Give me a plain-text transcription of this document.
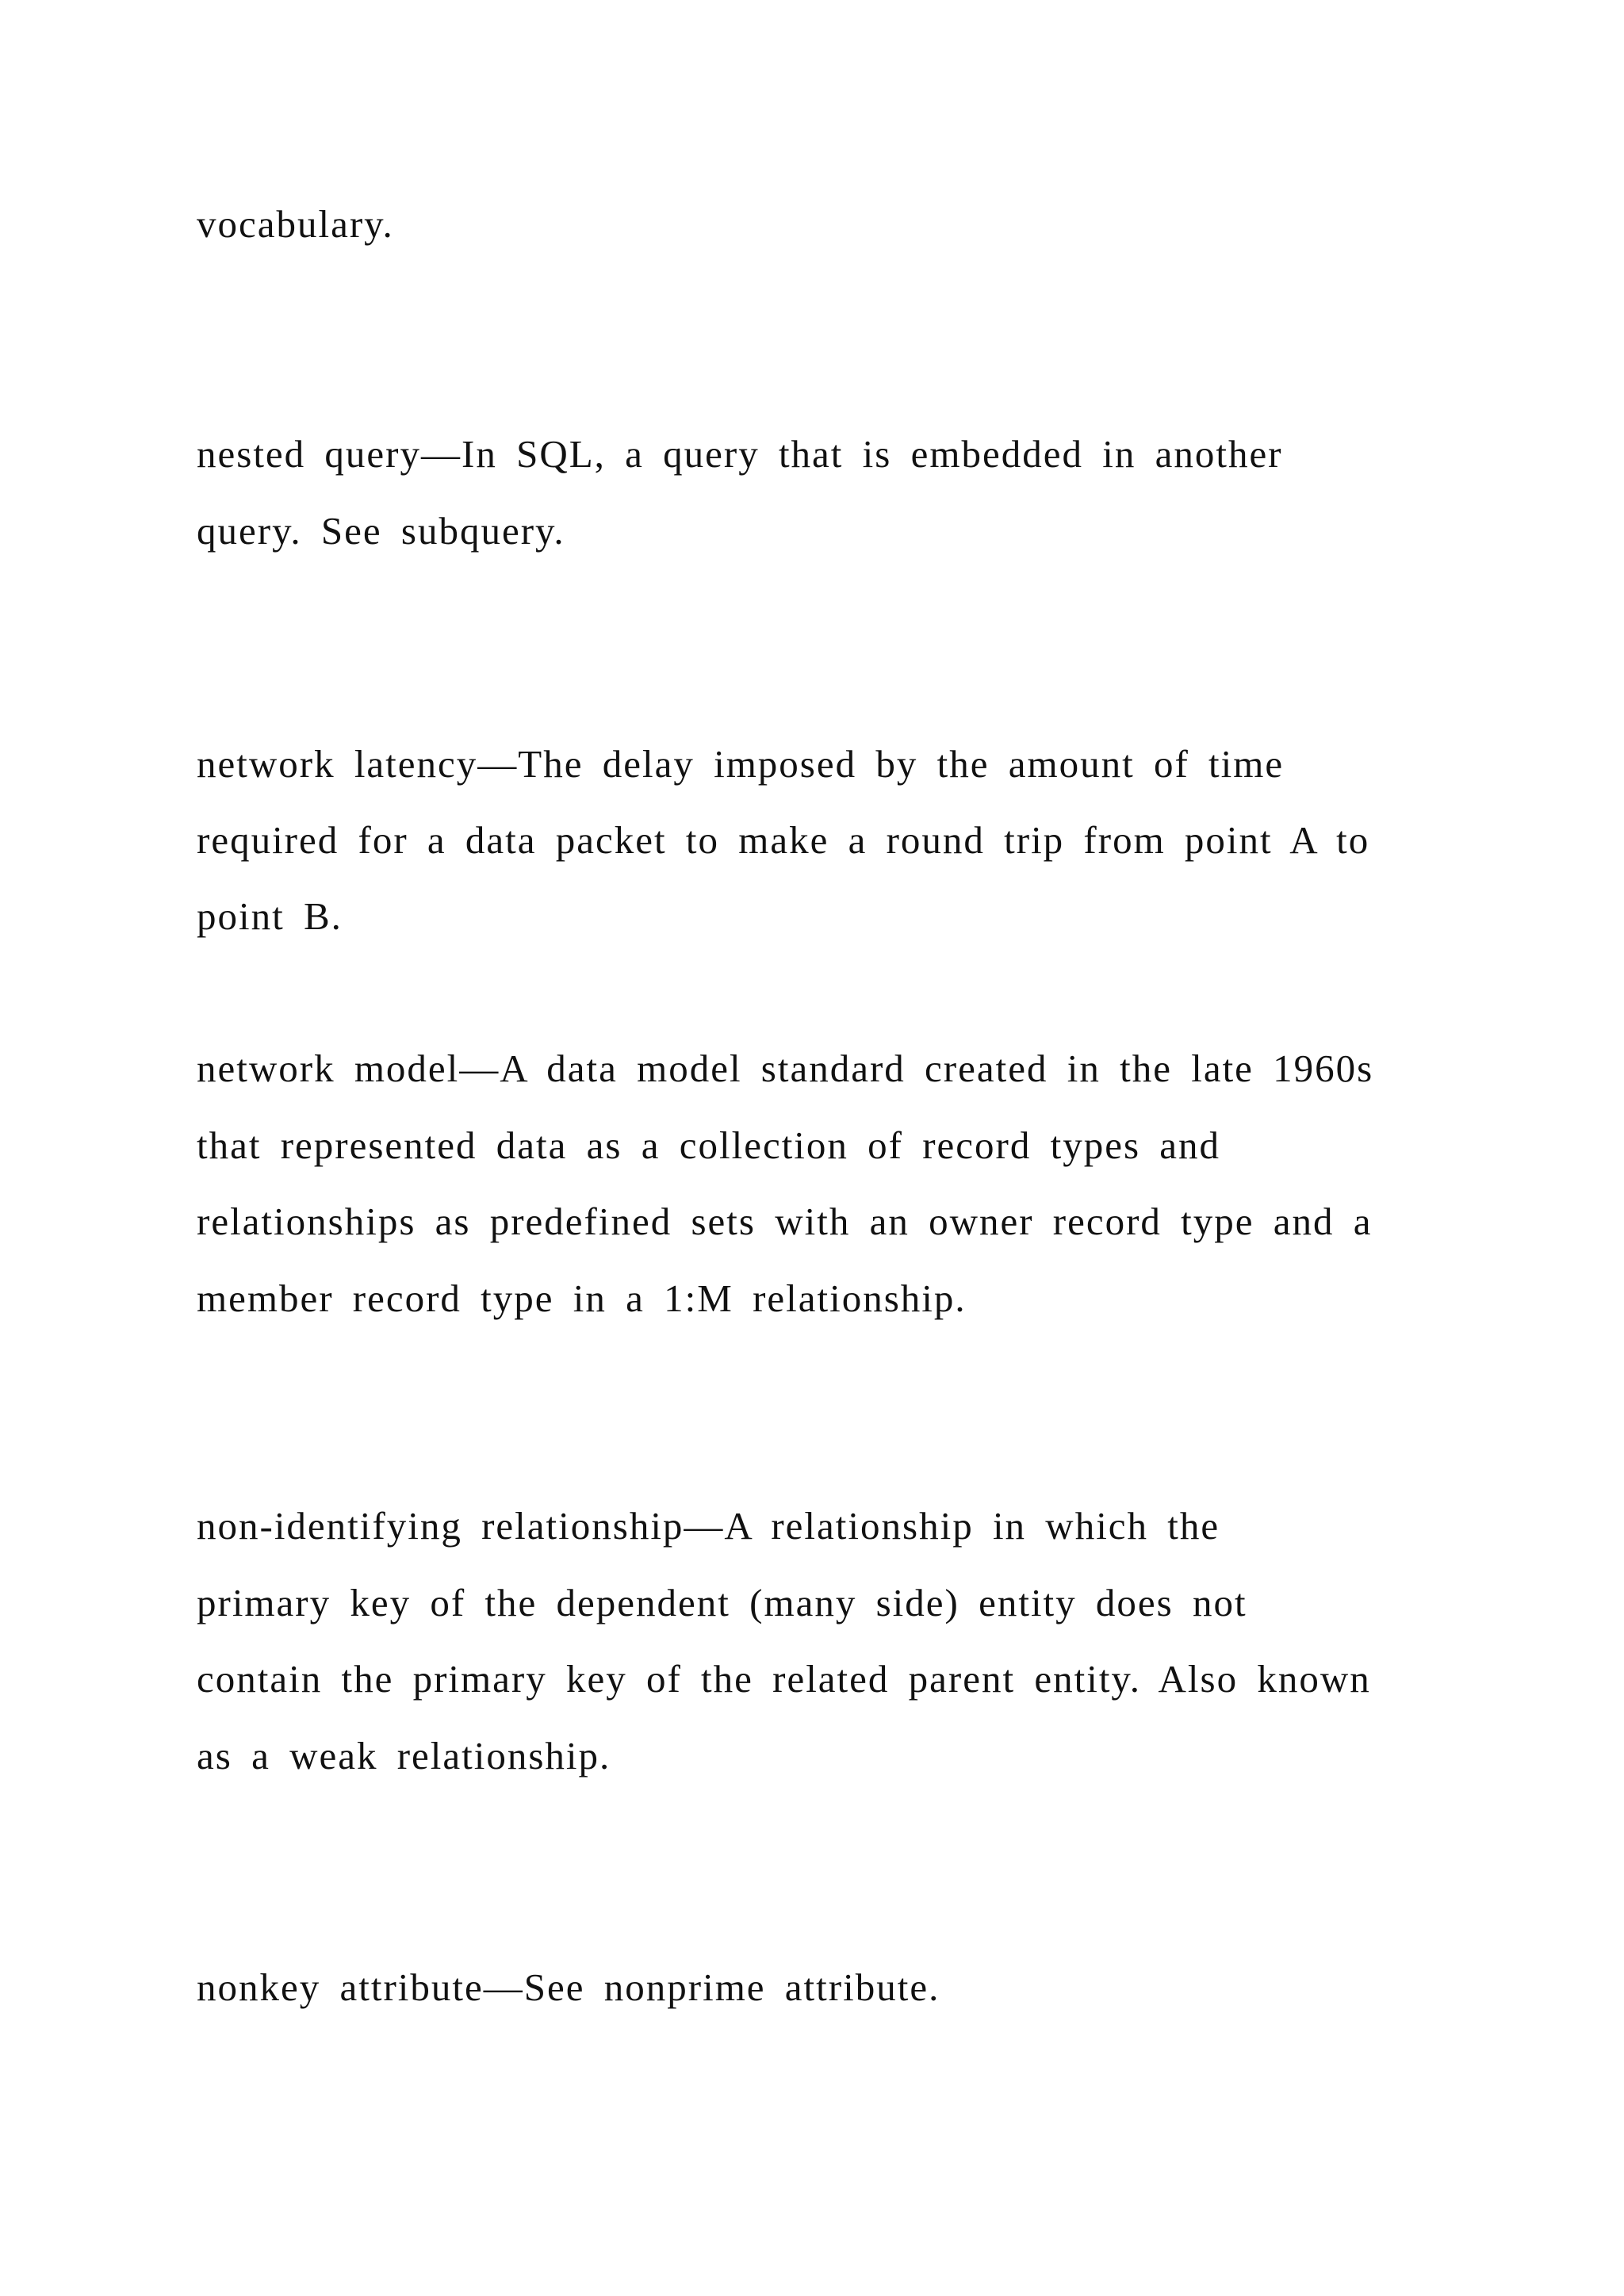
vocabulary.

nested query—In SQL, a query that is embedded in another

query. See subquery.

network latency—The delay imposed by the amount of time

required for a data packet to make a round trip from point A to

point B.

network model—A data model standard created in the late 1960s

that represented data as a collection of record types and

relationships as predefined sets with an owner record type and a

member record type in a 1:M relationship.

non-identifying relationship—A relationship in which the

primary key of the dependent (many side) entity does not

contain the primary key of the related parent entity. Also known

as a weak relationship.

nonkey attribute—See nonprime attribute.
